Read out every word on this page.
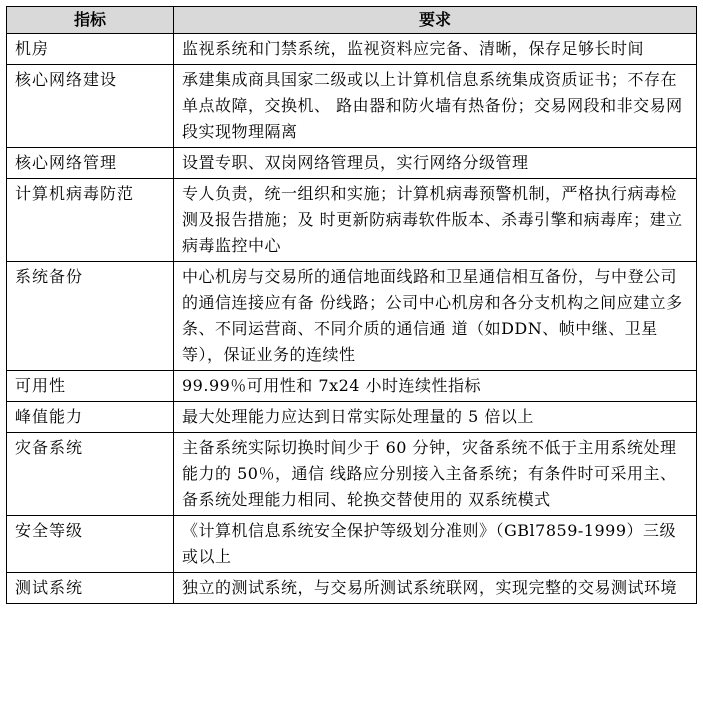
指标	要求
机房	监视系统和门禁系统，监视资料应完备、清晰，保存足够长时间
核心网络建设	承建集成商具国家二级或以上计算机信息系统集成资质证书；不存在单点故障，交换机、 路由器和防火墙有热备份；交易网段和非交易网段实现物理隔离
核心网络管理	设置专职、双岗网络管理员，实行网络分级管理
计算机病毒防范	专人负责，统一组织和实施；计算机病毒预警机制，严格执行病毒检测及报告措施；及 时更新防病毒软件版本、杀毒引擎和病毒库；建立病毒监控中心
系统备份	中心机房与交易所的通信地面线路和卫星通信相互备份，与中登公司的通信连接应有备 份线路；公司中心机房和各分支机构之间应建立多条、不同运营商、不同介质的通信通 道（如DDN、帧中继、卫星等），保证业务的连续性
可用性	99.99％可用性和 7x24 小时连续性指标
峰值能力	最大处理能力应达到日常实际处理量的 5 倍以上
灾备系统	主备系统实际切换时间少于 60 分钟，灾备系统不低于主用系统处理能力的 50％，通信 线路应分别接入主备系统；有条件时可采用主、备系统处理能力相同、轮换交替使用的 双系统模式
安全等级	《计算机信息系统安全保护等级划分准则》（GBl7859-1999）三级或以上
测试系统	独立的测试系统，与交易所测试系统联网，实现完整的交易测试环境
